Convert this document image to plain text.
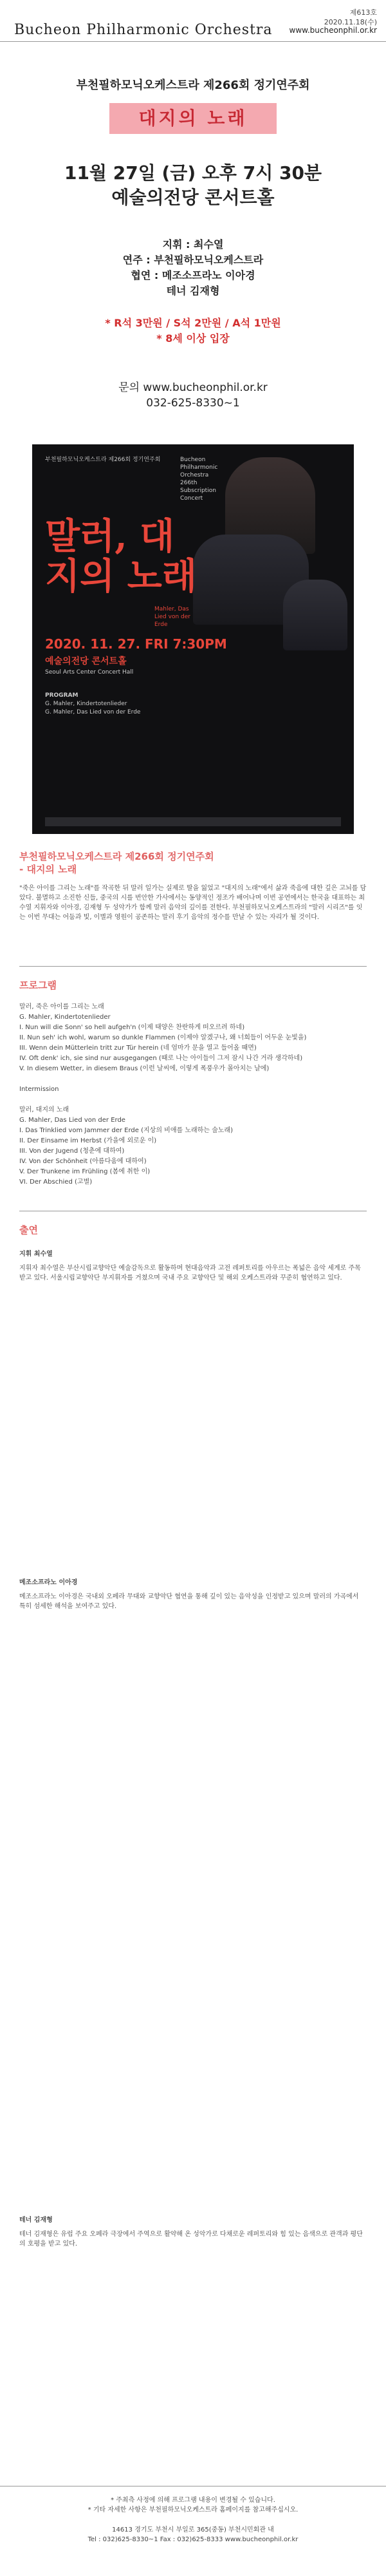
제613호
2020.11.18(수)
Bucheon Philharmonic Orchestra www.bucheonphil.or.kr
부천필하모닉오케스트라 제266회 정기연주회
대지의 노래
11월 27일 (금) 오후 7시 30분
예술의전당 콘서트홀
지휘 : 최수열
연주 : 부천필하모닉오케스트라
협연 : 메조소프라노 이아경
테너 김재형
* R석 3만원 / S석 2만원 / A석 1만원
* 8세 이상 입장
문의 www.bucheonphil.or.kr
032-625-8330~1
부천필하모닉오케스트라 제266회 정기연주회	Bucheon Philharmonic Orchestra 266th Subscription Concert
말러, 대지의 노래
Mahler, Das Lied von der Erde
2020. 11. 27. FRI 7:30PM
예술의전당 콘서트홀
Seoul Arts Center Concert Hall
PROGRAM
G. Mahler, Kindertotenlieder
G. Mahler, Das Lied von der Erde
부천필하모닉오케스트라 제266회 정기연주회
- 대지의 노래
"죽은 아이를 그리는 노래"를 작곡한 뒤 말러 일가는 실제로 딸을 잃었고 "대지의 노래"에서 삶과 죽음에 대한 깊은 고뇌를 담았다. 불멸하고 소진한 신들, 중국의 시를 번안한 가사에서는 동양적인 정조가 배어나며 이번 공연에서는 한국을 대표하는 최수열 지휘자와 이아경, 김재형 두 성악가가 함께 말러 음악의 깊이를 전한다. 부천필하모닉오케스트라의 "말러 시리즈"를 잇는 이번 무대는 어둠과 빛, 이별과 영원이 공존하는 말러 후기 음악의 정수를 만날 수 있는 자리가 될 것이다.
프로그램
말러, 죽은 아이를 그리는 노래
G. Mahler, Kindertotenlieder
I. Nun will die Sonn' so hell aufgeh'n (이제 태양은 찬란하게 떠오르려 하네)
II. Nun seh' ich wohl, warum so dunkle Flammen (이제야 알겠구나, 왜 너희들이 어두운 눈빛을)
III. Wenn dein Mütterlein tritt zur Tür herein (네 엄마가 문을 열고 들어올 때면)
IV. Oft denk' ich, sie sind nur ausgegangen (때로 나는 아이들이 그저 잠시 나간 거라 생각하네)
V. In diesem Wetter, in diesem Braus (이런 날씨에, 이렇게 폭풍우가 몰아치는 날에)

Intermission

말러, 대지의 노래
G. Mahler, Das Lied von der Erde
I. Das Trinklied vom Jammer der Erde (지상의 비애를 노래하는 술노래)
II. Der Einsame im Herbst (가을에 외로운 이)
III. Von der Jugend (청춘에 대하여)
IV. Von der Schönheit (아름다움에 대하여)
V. Der Trunkene im Frühling (봄에 취한 이)
VI. Der Abschied (고별)
출연
지휘 최수열
지휘자 최수열은 부산시립교향악단 예술감독으로 활동하며 현대음악과 고전 레퍼토리를 아우르는 폭넓은 음악 세계로 주목받고 있다. 서울시립교향악단 부지휘자를 거쳤으며 국내 주요 교향악단 및 해외 오케스트라와 꾸준히 협연하고 있다.
메조소프라노 이아경
메조소프라노 이아경은 국내외 오페라 무대와 교향악단 협연을 통해 깊이 있는 음악성을 인정받고 있으며 말러의 가곡에서 특히 섬세한 해석을 보여주고 있다.
테너 김재형
테너 김재형은 유럽 주요 오페라 극장에서 주역으로 활약해 온 성악가로 다채로운 레퍼토리와 힘 있는 음색으로 관객과 평단의 호평을 받고 있다.
* 주최측 사정에 의해 프로그램 내용이 변경될 수 있습니다.
* 기타 자세한 사항은 부천필하모닉오케스트라 홈페이지를 참고해주십시오.
14613 경기도 부천시 부일로 365(중동) 부천시민회관 내
Tel : 032)625-8330~1 Fax : 032)625-8333 www.bucheonphil.or.kr
